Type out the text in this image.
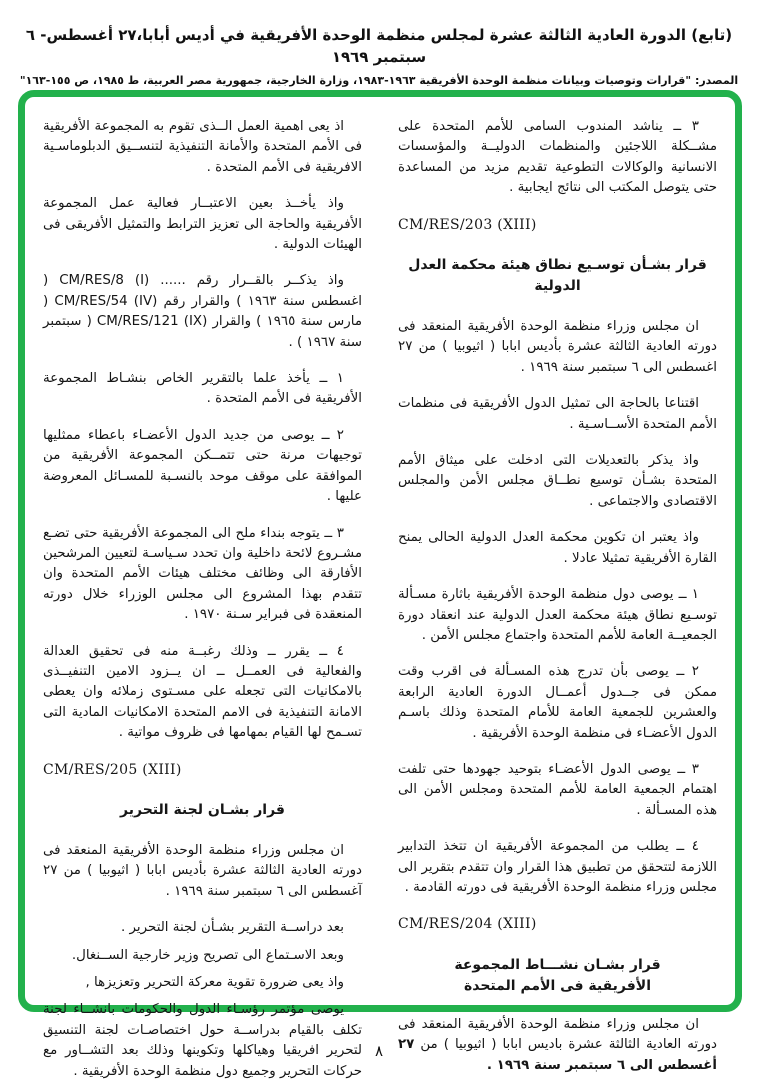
(تابع) الدورة العادية الثالثة عشرة لمجلس منظمة الوحدة الأفريقية في أديس أبابا،٢٧ أغسطس- ٦ سبتمبر ١٩٦٩
المصدر: "قرارات وتوصيات وبيانات منظمة الوحدة الأفريقية ١٩٦٣-١٩٨٣، وزارة الخارجية، جمهورية مصر العربية، ط ١٩٨٥، ص ١٥٥-١٦٣"
٣ ــ يناشد المندوب السامى للأمم المتحدة على مشــكلة اللاجئين والمنظمات الدوليــة والمؤسسات الانسانية والوكالات التطوعية تقديم مزيد من المساعدة حتى يتوصل المكتب الى نتائج ايجابية .
CM/RES/203 (XIII)
قرار بشـأن توسـيع نطاق هيئة محكمة العدل الدولية
ان مجلس وزراء منظمة الوحدة الأفريقية المنعقد فى دورته العادية الثالثة عشرة بأديس ابابا ( اثيوبيا ) من ٢٧ اغسطس الى ٦ سبتمبر سنة ١٩٦٩ .
اقتناعا بالحاجة الى تمثيل الدول الأفريقية فى منظمات الأمم المتحدة الأســاسـية .
واذ يذكر بالتعديلات التى ادخلت على ميثاق الأمم المتحدة بشـأن توسيع نطــاق مجلس الأمن والمجلس الاقتصادى والاجتماعى .
واذ يعتبر ان تكوين محكمة العدل الدولية الحالى يمنح القارة الأفريقية تمثيلا عادلا .
١ ــ يوصى دول منظمة الوحدة الأفريقية باثارة مسـألة توسـيع نطاق هيئة محكمة العدل الدولية عند انعقاد دورة الجمعيــة العامة للأمم المتحدة واجتماع مجلس الأمن .
٢ ــ يوصى بأن تدرج هذه المسـألة فى اقرب وقت ممكن فى جــدول أعمــال الدورة العادية الرابعة والعشرين للجمعية العامة للأمام المتحدة وذلك باسـم الدول الأعضـاء فى منظمة الوحدة الأفريقية .
٣ ــ يوصى الدول الأعضـاء بتوحيد جهودها حتى تلفت اهتمام الجمعية العامة للأمم المتحدة ومجلس الأمن الى هذه المسـألة .
٤ ــ يطلب من المجموعة الأفريقية ان تتخذ التدابير اللازمة لتتحقق من تطبيق هذا القرار وان تتقدم بتقرير الى مجلس وزراء منظمة الوحدة الأفريقية فى دورته القادمة .
CM/RES/204 (XIII)
قرار بشـان نشـــاط المجموعة
الأفريقية فى الأمم المتحدة
ان مجلس وزراء منظمة الوحدة الأفريقية المنعقد فى دورته العادية الثالثة عشرة باديس ابابا ( اثيوبيا ) من ٢٧ أغسطس الى ٦ سبتمبر سنة ١٩٦٩ .
اذ يعى اهمية العمل الــذى تقوم به المجموعة الأفريقية فى الأمم المتحدة والأمانة التنفيذية لتنســيق الدبلوماسـية الافريقية فى الأمم المتحدة .
واذ يأخــذ بعين الاعتبــار فعالية عمل المجموعة الأفريقية والحاجة الى تعزيز الترابط والتمثيل الأفريقى فى الهيئات الدولية .
واذ يذكــر بالقــرار رقم ...... CM/RES/8 (I) ( اغسطس سنة ١٩٦٣ ) والقرار رقم CM/RES/54 (IV) ( مارس سنة ١٩٦٥ ) والقرار CM/RES/121 (IX) ( سبتمبر سنة ١٩٦٧ ) .
١ ــ يأخذ علما بالتقرير الخاص بنشـاط المجموعة الأفريقية فى الأمم المتحدة .
٢ ــ يوصى من جديد الدول الأعضـاء باعطاء ممثليها توجيهات مرنة حتى تتمــكن المجموعة الأفريقية من الموافقة على موقف موحد بالنسـبة للمسـائل المعروضة عليها .
٣ ــ يتوجه بنداء ملح الى المجموعة الأفريقية حتى تضـع مشـروع لائحة داخلية وان تحدد سـياسـة لتعيين المرشحين الأفارقة الى وظائف مختلف هيئات الأمم المتحدة وان تتقدم بهذا المشروع الى مجلس الوزراء خلال دورته المنعقدة فى فبراير سـنة ١٩٧٠ .
٤ ــ يقرر ــ وذلك رغبــة منه فى تحقيق العدالة والفعالية فى العمــل ــ ان يــزود الامين التنفيــذى بالامكانيات التى تجعله على مسـتوى زملائه وان يعطى الامانة التنفيذية فى الامم المتحدة الامكانيات المادية التى تسـمح لها القيام بمهامها فى ظروف مواتية .
CM/RES/205 (XIII)
قرار بشـان لجنة التحرير
ان مجلس وزراء منظمة الوحدة الأفريقية المنعقد فى دورته العادية الثالثة عشرة بأديس ابابا ( اثيوبيا ) من ٢٧ آغسطس الى ٦ سبتمبر سنة ١٩٦٩ .
بعد دراســة التقرير بشـأن لجنة التحرير .
وبعد الاسـتماع الى تصريح وزير خارجية الســنغال.
واذ يعى ضرورة تقوية معركة التحرير وتعزيزها ,
يوصى مؤتمر رؤسـاء الدول والحكومات بانشــاء لجنة تكلف بالقيام بدراســة حول اختصاصـات لجنة التنسيق لتحرير افريقيا وهياكلها وتكوينها وذلك بعد التشــاور مع حركات التحرير وجميع دول منظمة الوحدة الأفريقية .
٨
